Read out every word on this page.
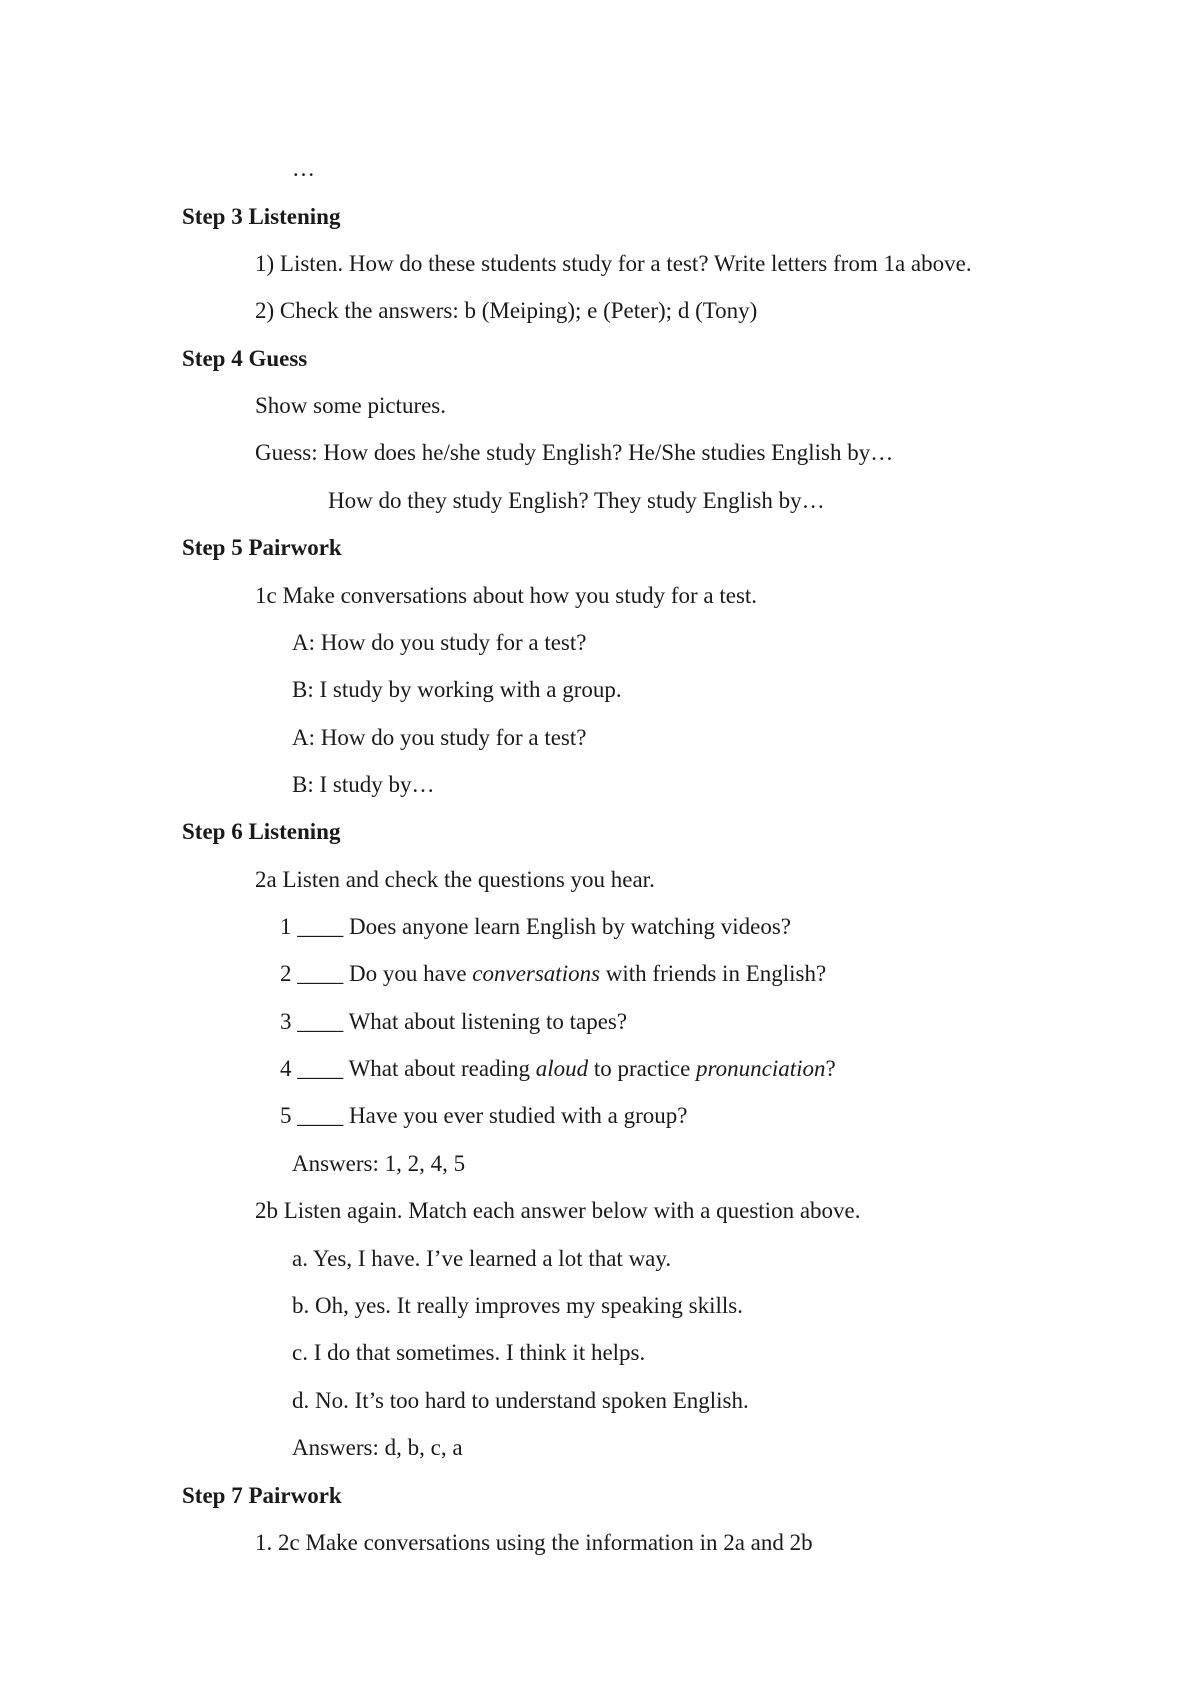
…
Step 3 Listening
1) Listen. How do these students study for a test? Write letters from 1a above.
2) Check the answers: b (Meiping); e (Peter); d (Tony)
Step 4 Guess
Show some pictures.
Guess: How does he/she study English? He/She studies English by…
How do they study English? They study English by…
Step 5 Pairwork
1c Make conversations about how you study for a test.
A: How do you study for a test?
B: I study by working with a group.
A: How do you study for a test?
B: I study by…
Step 6 Listening
2a Listen and check the questions you hear.
1 ____ Does anyone learn English by watching videos?
2 ____ Do you have conversations with friends in English?
3 ____ What about listening to tapes?
4 ____ What about reading aloud to practice pronunciation?
5 ____ Have you ever studied with a group?
Answers: 1, 2, 4, 5
2b Listen again. Match each answer below with a question above.
a. Yes, I have. I’ve learned a lot that way.
b. Oh, yes. It really improves my speaking skills.
c. I do that sometimes. I think it helps.
d. No. It’s too hard to understand spoken English.
Answers: d, b, c, a
Step 7 Pairwork
1. 2c Make conversations using the information in 2a and 2b
